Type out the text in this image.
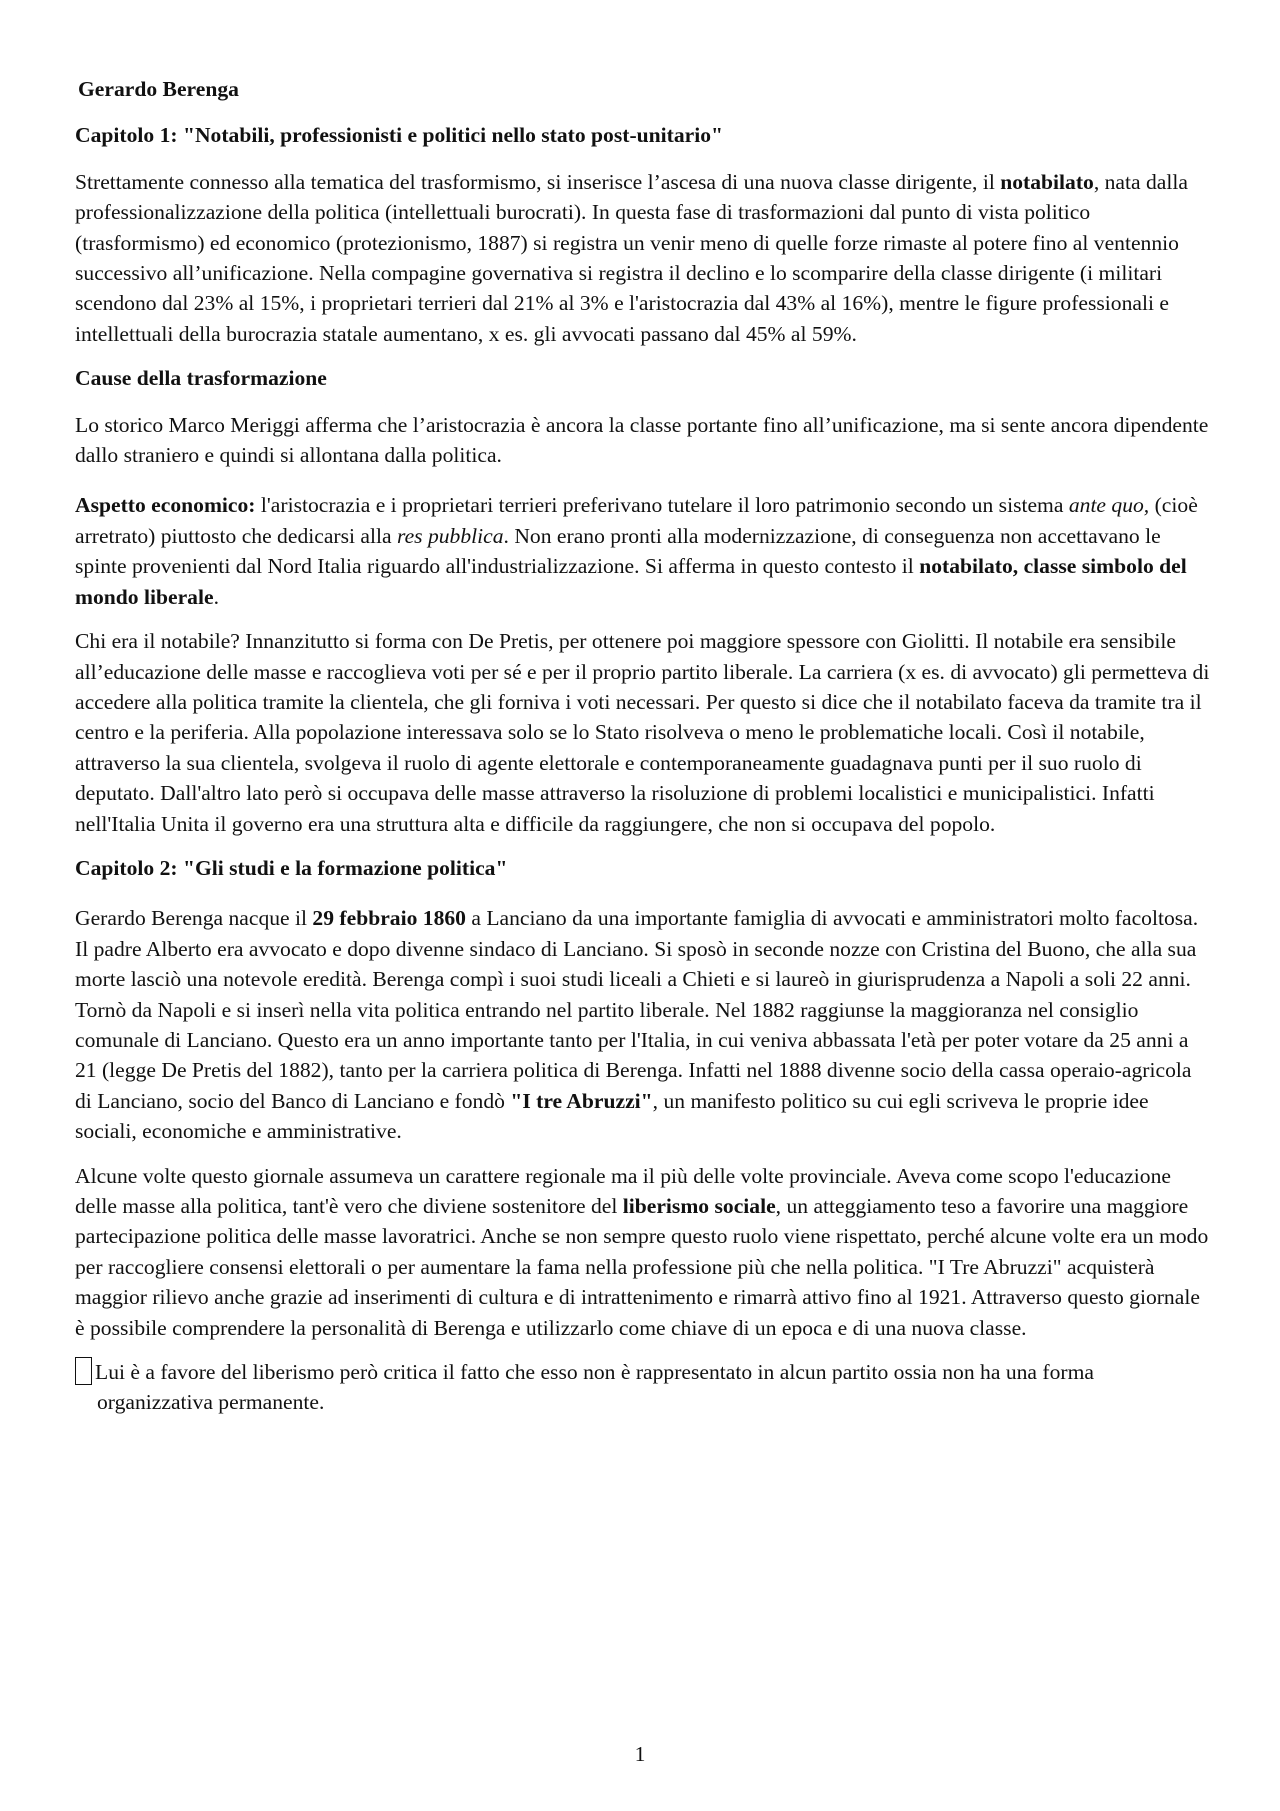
Gerardo Berenga
Capitolo 1: "Notabili, professionisti e politici nello stato post-unitario"

Strettamente connesso alla tematica del trasformismo, si inserisce l’ascesa di una nuova classe dirigente, il notabilato, nata dalla professionalizzazione della politica (intellettuali burocrati). In questa fase di trasformazioni dal punto di vista politico (trasformismo) ed economico (protezionismo, 1887) si registra un venir meno di quelle forze rimaste al potere fino al ventennio successivo all’unificazione. Nella compagine governativa si registra il declino e lo scomparire della classe dirigente (i militari scendono dal 23% al 15%, i proprietari terrieri dal 21% al 3% e l'aristocrazia dal 43% al 16%), mentre le figure professionali e intellettuali della burocrazia statale aumentano, x es. gli avvocati passano dal 45% al 59%.

Cause della trasformazione

Lo storico Marco Meriggi afferma che l’aristocrazia è ancora la classe portante fino all’unificazione, ma si sente ancora dipendente dallo straniero e quindi si allontana dalla politica.

Aspetto economico: l'aristocrazia e i proprietari terrieri preferivano tutelare il loro patrimonio secondo un sistema ante quo, (cioè arretrato) piuttosto che dedicarsi alla res pubblica. Non erano pronti alla modernizzazione, di conseguenza non accettavano le spinte provenienti dal Nord Italia riguardo all'industrializzazione. Si afferma in questo contesto il notabilato, classe simbolo del mondo liberale.

Chi era il notabile? Innanzitutto si forma con De Pretis, per ottenere poi maggiore spessore con Giolitti. Il notabile era sensibile all’educazione delle masse e raccoglieva voti per sé e per il proprio partito liberale. La carriera (x es. di avvocato) gli permetteva di accedere alla politica tramite la clientela, che gli forniva i voti necessari. Per questo si dice che il notabilato faceva da tramite tra il centro e la periferia. Alla popolazione interessava solo se lo Stato risolveva o meno le problematiche locali. Così il notabile, attraverso la sua clientela, svolgeva il ruolo di agente elettorale e contemporaneamente guadagnava punti per il suo ruolo di deputato. Dall'altro lato però si occupava delle masse attraverso la risoluzione di problemi localistici e municipalistici. Infatti nell'Italia Unita il governo era una struttura alta e difficile da raggiungere, che non si occupava del popolo.

Capitolo 2: "Gli studi e la formazione politica"

Gerardo Berenga nacque il 29 febbraio 1860 a Lanciano da una importante famiglia di avvocati e amministratori molto facoltosa. Il padre Alberto era avvocato e dopo divenne sindaco di Lanciano. Si sposò in seconde nozze con Cristina del Buono, che alla sua morte lasciò una notevole eredità. Berenga compì i suoi studi liceali a Chieti e si laureò in giurisprudenza a Napoli a soli 22 anni. Tornò da Napoli e si inserì nella vita politica entrando nel partito liberale. Nel 1882 raggiunse la maggioranza nel consiglio comunale di Lanciano. Questo era un anno importante tanto per l'Italia, in cui veniva abbassata l'età per poter votare da 25 anni a 21 (legge De Pretis del 1882), tanto per la carriera politica di Berenga. Infatti nel 1888 divenne socio della cassa operaio-agricola di Lanciano, socio del Banco di Lanciano e fondò "I tre Abruzzi", un manifesto politico su cui egli scriveva le proprie idee sociali, economiche e amministrative.

Alcune volte questo giornale assumeva un carattere regionale ma il più delle volte provinciale. Aveva come scopo l'educazione delle masse alla politica, tant'è vero che diviene sostenitore del liberismo sociale, un atteggiamento teso a favorire una maggiore partecipazione politica delle masse lavoratrici. Anche se non sempre questo ruolo viene rispettato, perché alcune volte era un modo per raccogliere consensi elettorali o per aumentare la fama nella professione più che nella politica. "I Tre Abruzzi" acquisterà maggior rilievo anche grazie ad inserimenti di cultura e di intrattenimento e rimarrà attivo fino al 1921. Attraverso questo giornale è possibile comprendere la personalità di Berenga e utilizzarlo come chiave di un epoca e di una nuova classe.

Lui è a favore del liberismo però critica il fatto che esso non è rappresentato in alcun partito ossia non ha una forma organizzativa permanente.

1
